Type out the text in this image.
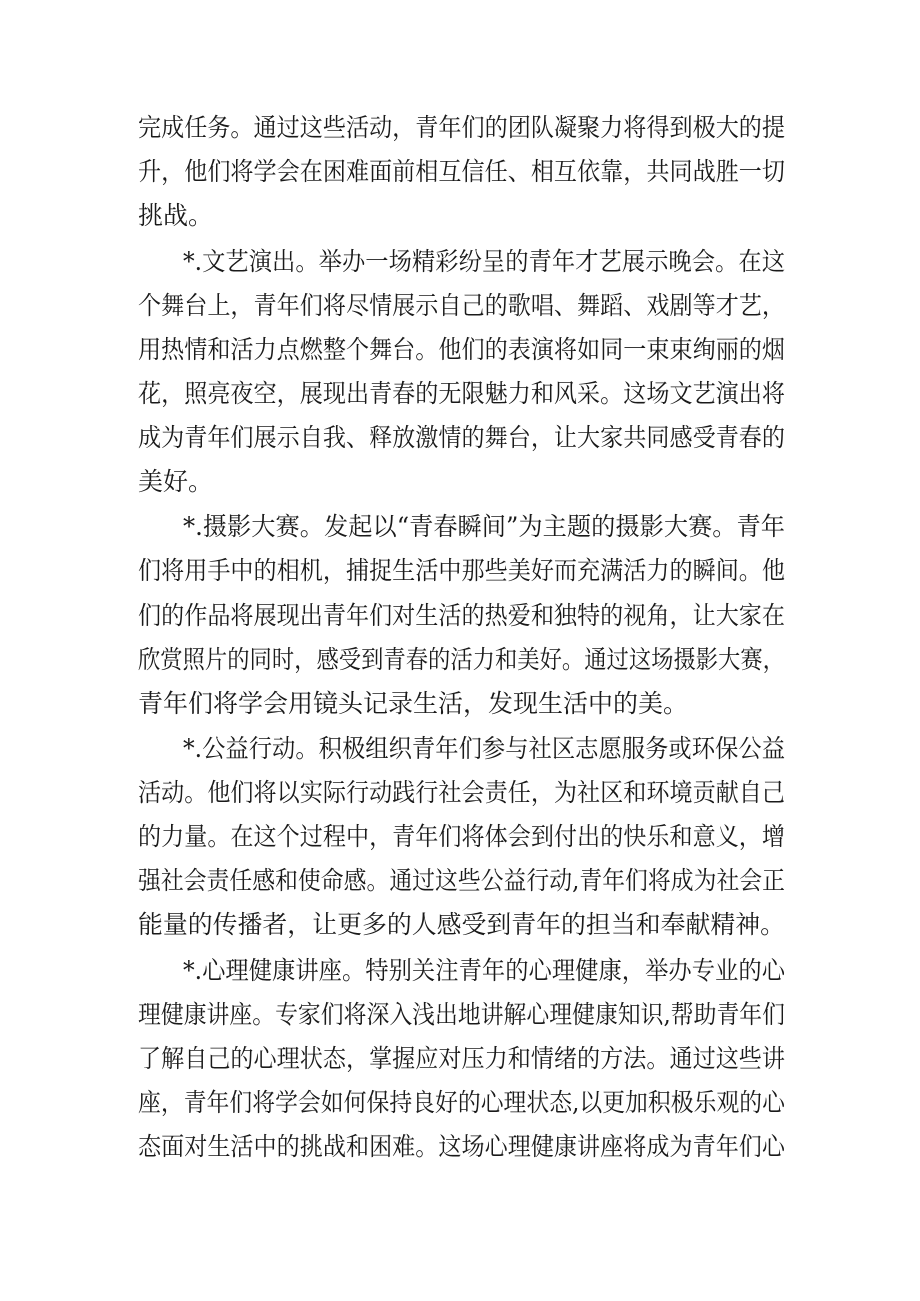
完成任务。通过这些活动，青年们的团队凝聚力将得到极大的提
升，他们将学会在困难面前相互信任、相互依靠，共同战胜一切
挑战。
*.文艺演出。举办一场精彩纷呈的青年才艺展示晚会。在这
个舞台上，青年们将尽情展示自己的歌唱、舞蹈、戏剧等才艺，
用热情和活力点燃整个舞台。他们的表演将如同一束束绚丽的烟
花，照亮夜空，展现出青春的无限魅力和风采。这场文艺演出将
成为青年们展示自我、释放激情的舞台，让大家共同感受青春的
美好。
*.摄影大赛。发起以“青春瞬间”为主题的摄影大赛。青年
们将用手中的相机，捕捉生活中那些美好而充满活力的瞬间。他
们的作品将展现出青年们对生活的热爱和独特的视角，让大家在
欣赏照片的同时，感受到青春的活力和美好。通过这场摄影大赛，
青年们将学会用镜头记录生活，发现生活中的美。
*.公益行动。积极组织青年们参与社区志愿服务或环保公益
活动。他们将以实际行动践行社会责任，为社区和环境贡献自己
的力量。在这个过程中，青年们将体会到付出的快乐和意义，增
强社会责任感和使命感。通过这些公益行动,青年们将成为社会正
能量的传播者，让更多的人感受到青年的担当和奉献精神。
*.心理健康讲座。特别关注青年的心理健康，举办专业的心
理健康讲座。专家们将深入浅出地讲解心理健康知识,帮助青年们
了解自己的心理状态，掌握应对压力和情绪的方法。通过这些讲
座，青年们将学会如何保持良好的心理状态,以更加积极乐观的心
态面对生活中的挑战和困难。这场心理健康讲座将成为青年们心
